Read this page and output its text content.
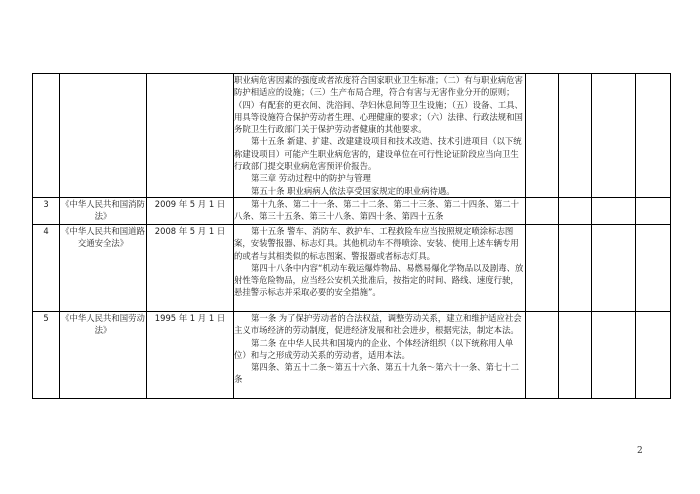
			职业病危害因素的强度或者浓度符合国家职业卫生标准；（二）有与职业病危害防护相适应的设施；（三）生产布局合理，符合有害与无害作业分开的原则；（四）有配套的更衣间、洗浴间、孕妇休息间等卫生设施；（五）设备、工具、用具等设施符合保护劳动者生理、心理健康的要求；（六）法律、行政法规和国务院卫生行政部门关于保护劳动者健康的其他要求。

第十五条 新建、扩建、改建建设项目和技术改造、技术引进项目（以下统称建设项目）可能产生职业病危害的，建设单位在可行性论证阶段应当向卫生行政部门提交职业病危害预评价报告。

第三章 劳动过程中的防护与管理

第五十条 职业病病人依法享受国家规定的职业病待遇。				

3	《中华人民共和国消防法》	2009 年 5 月 1 日	第十九条、第二十一条、第二十二条、第二十三条、第二十四条、第二十八条、第三十五条、第三十八条、第四十条、第四十五条				

4	《中华人民共和国道路交通安全法》	2008 年 5 月 1 日	第十五条 警车、消防车、救护车、工程救险车应当按照规定喷涂标志图案，安装警报器、标志灯具。其他机动车不得喷涂、安装、使用上述车辆专用的或者与其相类似的标志图案、警报器或者标志灯具。

第四十八条中内容“机动车载运爆炸物品、易燃易爆化学物品以及剧毒、放射性等危险物品，应当经公安机关批准后，按指定的时间、路线、速度行驶，悬挂警示标志并采取必要的安全措施”。				

5	《中华人民共和国劳动法》	1995 年 1 月 1 日	第一条 为了保护劳动者的合法权益，调整劳动关系，建立和维护适应社会主义市场经济的劳动制度，促进经济发展和社会进步，根据宪法，制定本法。

第二条 在中华人民共和国境内的企业、个体经济组织（以下统称用人单位）和与之形成劳动关系的劳动者，适用本法。

第四条、第五十二条～第五十六条、第五十九条～第六十一条、第七十二条				

2
